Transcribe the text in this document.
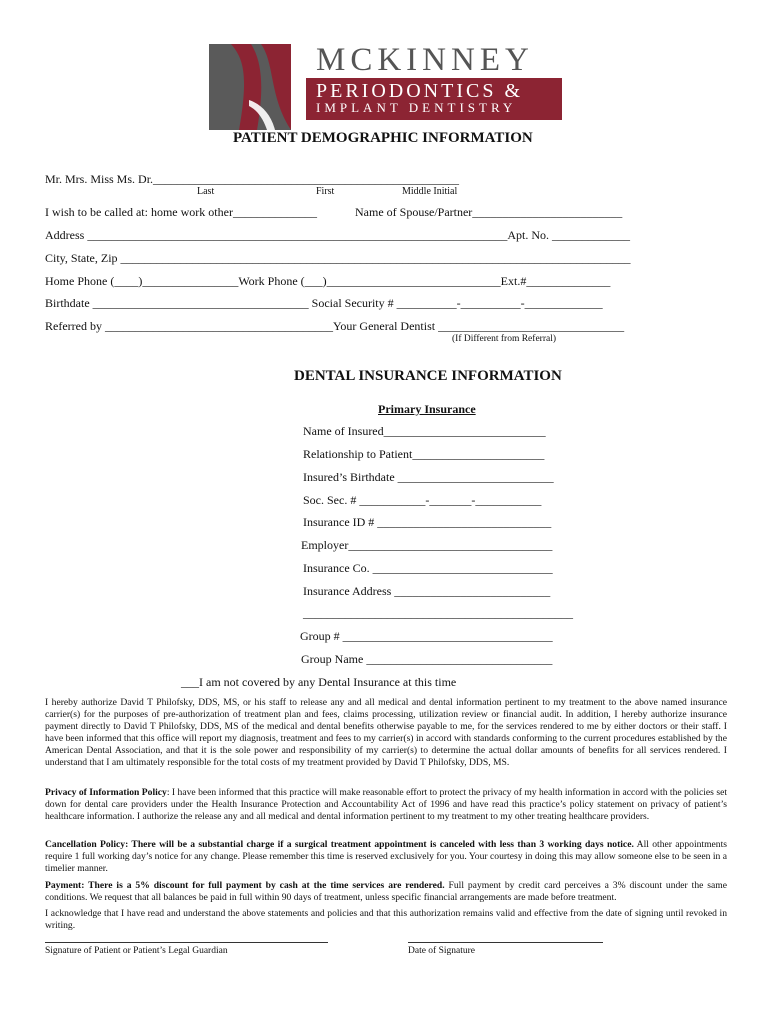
MCKINNEY
PERIODONTICS &
IMPLANT DENTISTRY
PATIENT DEMOGRAPHIC INFORMATION
Mr. Mrs. Miss Ms. Dr.___________________________________________________
Last	First	Middle Initial
I wish to be called at: home work other______________	Name of Spouse/Partner_________________________
Address ______________________________________________________________________Apt. No. _____________
City, State, Zip _____________________________________________________________________________________
Home Phone (____)________________Work Phone (___)_____________________________Ext.#______________
Birthdate ____________________________________ Social Security # __________-__________-_____________
Referred by ______________________________________Your General Dentist _______________________________
(If Different from Referral)
DENTAL INSURANCE INFORMATION
Primary Insurance
Name of Insured___________________________
Relationship to Patient______________________
Insured’s Birthdate __________________________
Soc. Sec. # ___________-_______-___________
Insurance ID # _____________________________
Employer__________________________________
Insurance Co. ______________________________
Insurance Address __________________________
_____________________________________________
Group # ___________________________________
Group Name _______________________________
___I am not covered by any Dental Insurance at this time
I hereby authorize David T Philofsky, DDS, MS, or his staff to release any and all medical and dental information pertinent to my treatment to the above named insurance carrier(s) for the purposes of pre-authorization of treatment plan and fees, claims processing, utilization review or financial audit. In addition, I hereby authorize insurance payment directly to David T Philofsky, DDS, MS of the medical and dental benefits otherwise payable to me, for the services rendered to me by either doctors or their staff. I have been informed that this office will report my diagnosis, treatment and fees to my carrier(s) in accord with standards conforming to the current procedures established by the American Dental Association, and that it is the sole power and responsibility of my carrier(s) to determine the actual dollar amounts of benefits for all services rendered. I understand that I am ultimately responsible for the total costs of my treatment provided by David T Philofsky, DDS, MS.
Privacy of Information Policy: I have been informed that this practice will make reasonable effort to protect the privacy of my health information in accord with the policies set down for dental care providers under the Health Insurance Protection and Accountability Act of 1996 and have read this practice’s policy statement on privacy of patient’s healthcare information. I authorize the release any and all medical and dental information pertinent to my treatment to my other treating healthcare providers.
Cancellation Policy: There will be a substantial charge if a surgical treatment appointment is canceled with less than 3 working days notice. All other appointments require 1 full working day’s notice for any change. Please remember this time is reserved exclusively for you. Your courtesy in doing this may allow someone else to be seen in a timelier manner.
Payment: There is a 5% discount for full payment by cash at the time services are rendered. Full payment by credit card perceives a 3% discount under the same conditions. We request that all balances be paid in full within 90 days of treatment, unless specific financial arrangements are made before treatment.
I acknowledge that I have read and understand the above statements and policies and that this authorization remains valid and effective from the date of signing until revoked in writing.
Signature of Patient or Patient’s Legal Guardian	Date of Signature
